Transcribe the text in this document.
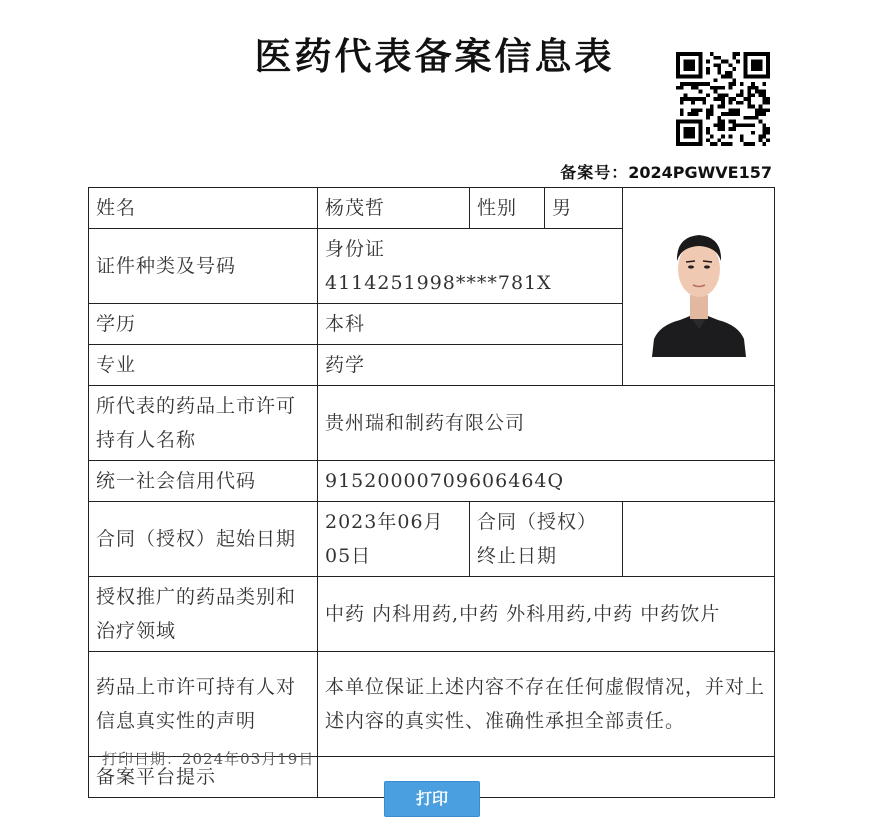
医药代表备案信息表
备案号：2024PGWVE157
姓名	杨茂哲	性别	男	

证件种类及号码	身份证 4114251998****781X			
学历	本科			
专业	药学			
所代表的药品上市许可持有人名称	贵州瑞和制药有限公司			
统一社会信用代码	91520000709606464Q			
合同（授权）起始日期	2023年06月05日	合同（授权）终止日期		
授权推广的药品类别和治疗领域	中药 内科用药,中药 外科用药,中药 中药饮片			
药品上市许可持有人对信息真实性的声明	本单位保证上述内容不存在任何虚假情况，并对上述内容的真实性、准确性承担全部责任。			
备案平台提示				
打印日期：2024年03月19日
打印
